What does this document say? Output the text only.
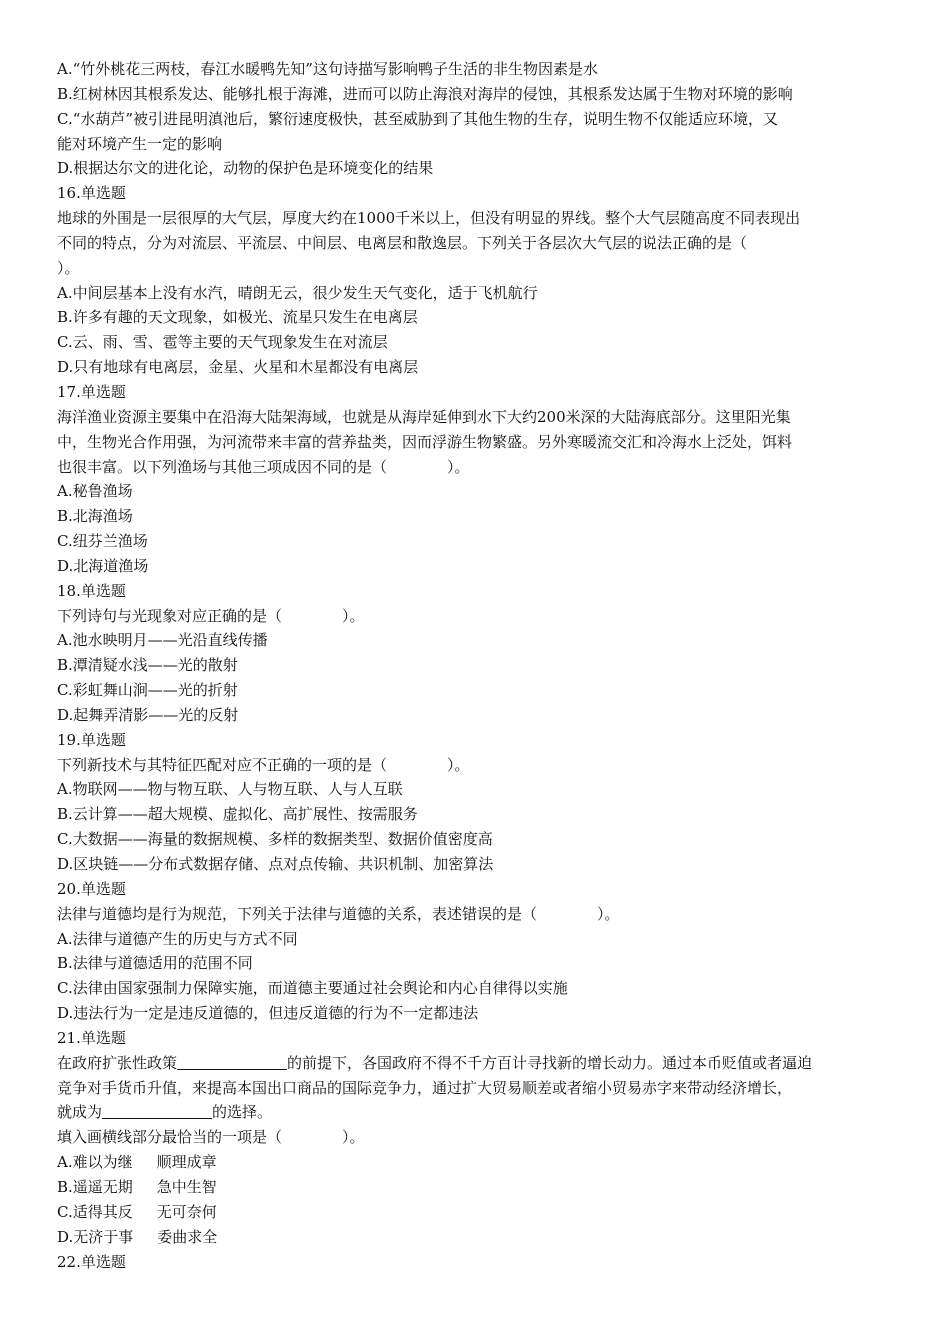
A.“竹外桃花三两枝，春江水暖鸭先知”这句诗描写影响鸭子生活的非生物因素是水
B.红树林因其根系发达、能够扎根于海滩，进而可以防止海浪对海岸的侵蚀，其根系发达属于生物对环境的影响
C.“水葫芦”被引进昆明滇池后，繁衍速度极快，甚至威胁到了其他生物的生存，说明生物不仅能适应环境，又
能对环境产生一定的影响
D.根据达尔文的进化论，动物的保护色是环境变化的结果
16.单选题
地球的外围是一层很厚的大气层，厚度大约在1000千米以上，但没有明显的界线。整个大气层随高度不同表现出
不同的特点，分为对流层、平流层、中间层、电离层和散逸层。下列关于各层次大气层的说法正确的是（
）。
A.中间层基本上没有水汽，晴朗无云，很少发生天气变化，适于飞机航行
B.许多有趣的天文现象，如极光、流星只发生在电离层
C.云、雨、雪、雹等主要的天气现象发生在对流层
D.只有地球有电离层，金星、火星和木星都没有电离层
17.单选题
海洋渔业资源主要集中在沿海大陆架海域，也就是从海岸延伸到水下大约200米深的大陆海底部分。这里阳光集
中，生物光合作用强，为河流带来丰富的营养盐类，因而浮游生物繁盛。另外寒暖流交汇和冷海水上泛处，饵料
也很丰富。以下列渔场与其他三项成因不同的是（　　　　）。
A.秘鲁渔场
B.北海渔场
C.纽芬兰渔场
D.北海道渔场
18.单选题
下列诗句与光现象对应正确的是（　　　　）。
A.池水映明月——光沿直线传播
B.潭清疑水浅——光的散射
C.彩虹舞山涧——光的折射
D.起舞弄清影——光的反射
19.单选题
下列新技术与其特征匹配对应不正确的一项的是（　　　　）。
A.物联网——物与物互联、人与物互联、人与人互联
B.云计算——超大规模、虚拟化、高扩展性、按需服务
C.大数据——海量的数据规模、多样的数据类型、数据价值密度高
D.区块链——分布式数据存储、点对点传输、共识机制、加密算法
20.单选题
法律与道德均是行为规范，下列关于法律与道德的关系，表述错误的是（　　　　）。
A.法律与道德产生的历史与方式不同
B.法律与道德适用的范围不同
C.法律由国家强制力保障实施，而道德主要通过社会舆论和内心自律得以实施
D.违法行为一定是违反道德的，但违反道德的行为不一定都违法
21.单选题
在政府扩张性政策	的前提下，各国政府不得不千方百计寻找新的增长动力。通过本币贬值或者逼迫
竞争对手货币升值，来提高本国出口商品的国际竞争力，通过扩大贸易顺差或者缩小贸易赤字来带动经济增长，
就成为	的选择。
填入画横线部分最恰当的一项是（　　　　）。
A.难以为继 顺理成章
B.遥遥无期 急中生智
C.适得其反 无可奈何
D.无济于事 委曲求全
22.单选题
